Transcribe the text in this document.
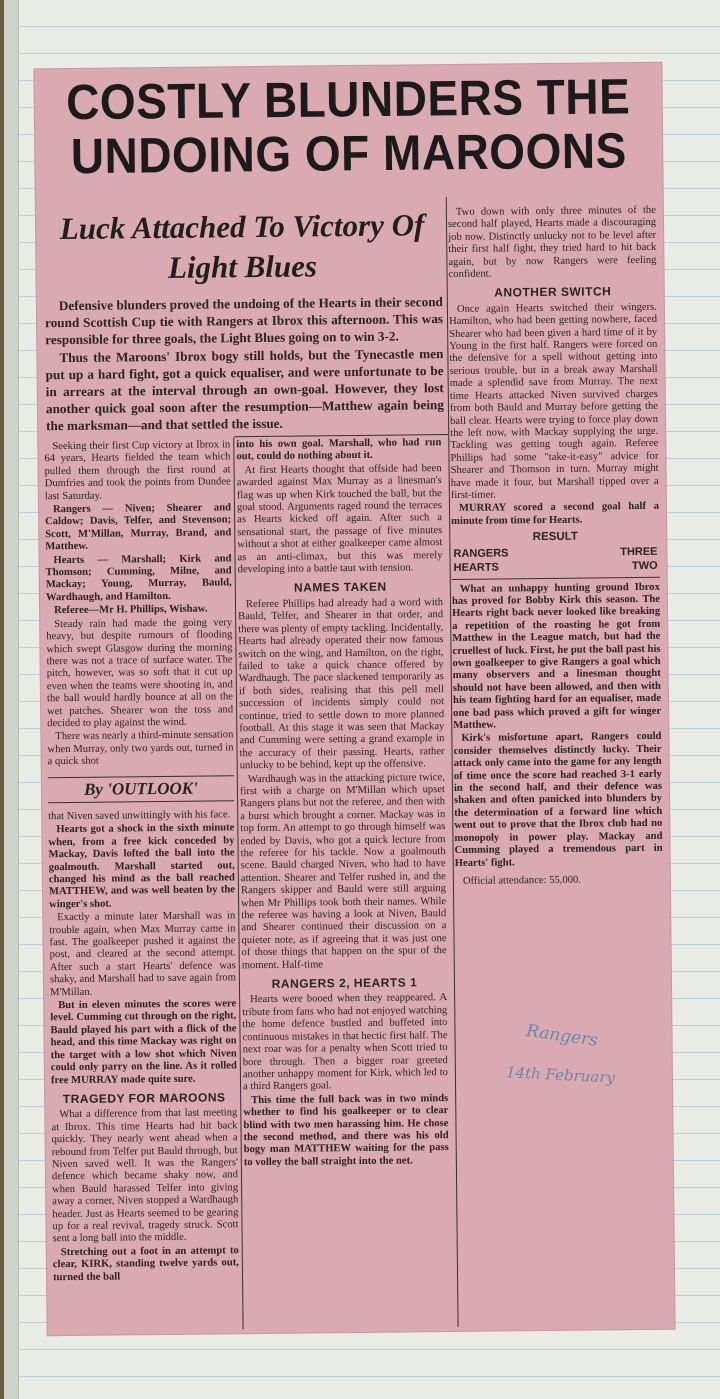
COSTLY BLUNDERS THE UNDOING OF MAROONS
Luck Attached To Victory Of Light Blues

Defensive blunders proved the undoing of the Hearts in their second round Scottish Cup tie with Rangers at Ibrox this afternoon. This was responsible for three goals, the Light Blues going on to win 3-2.

Thus the Maroons' Ibrox bogy still holds, but the Tynecastle men put up a hard fight, got a quick equaliser, and were unfortunate to be in arrears at the interval through an own-goal. However, they lost another quick goal soon after the resumption—Matthew again being the marksman—and that settled the issue.

Seeking their first Cup victory at Ibrox in 64 years, Hearts fielded the team which pulled them through the first round at Dumfries and took the points from Dundee last Saturday.

Rangers — Niven; Shearer and Caldow; Davis, Telfer, and Stevenson; Scott, M'Millan, Murray, Brand, and Matthew.

Hearts — Marshall; Kirk and Thomson; Cumming, Milne, and Mackay; Young, Murray, Bauld, Wardhaugh, and Hamilton.

Referee—Mr H. Phillips, Wishaw.

Steady rain had made the going very heavy, but despite rumours of flooding which swept Glasgow during the morning there was not a trace of surface water. The pitch, however, was so soft that it cut up even when the teams were shooting in, and the ball would hardly bounce at all on the wet patches. Shearer won the toss and decided to play against the wind.

There was nearly a third-minute sensation when Murray, only two yards out, turned in a quick shot

By 'OUTLOOK'

that Niven saved unwittingly with his face.

Hearts got a shock in the sixth minute when, from a free kick conceded by Mackay, Davis lofted the ball into the goalmouth. Marshall started out, changed his mind as the ball reached MATTHEW, and was well beaten by the winger's shot.

Exactly a minute later Marshall was in trouble again, when Max Murray came in fast. The goalkeeper pushed it against the post, and cleared at the second attempt. After such a start Hearts' defence was shaky, and Marshall had to save again from M'Millan.

But in eleven minutes the scores were level. Cumming cut through on the right, Bauld played his part with a flick of the head, and this time Mackay was right on the target with a low shot which Niven could only parry on the line. As it rolled free MURRAY made quite sure.

TRAGEDY FOR MAROONS

What a difference from that last meeting at Ibrox. This time Hearts had hit back quickly. They nearly went ahead when a rebound from Telfer put Bauld through, but Niven saved well. It was the Rangers' defence which became shaky now, and when Bauld harassed Telfer into giving away a corner, Niven stopped a Wardhaugh header. Just as Hearts seemed to be gearing up for a real revival, tragedy struck. Scott sent a long ball into the middle.

Stretching out a foot in an attempt to clear, KIRK, standing twelve yards out, turned the ball

into his own goal. Marshall, who had run out, could do nothing about it.

At first Hearts thought that offside had been awarded against Max Murray as a linesman's flag was up when Kirk touched the ball, but the goal stood. Arguments raged round the terraces as Hearts kicked off again. After such a sensational start, the passage of five minutes without a shot at either goalkeeper came almost as an anti-climax, but this was merely developing into a battle taut with tension.

NAMES TAKEN

Referee Phillips had already had a word with Bauld, Telfer, and Shearer in that order, and there was plenty of empty tackling. Incidentally, Hearts had already operated their now famous switch on the wing, and Hamilton, on the right, failed to take a quick chance offered by Wardhaugh. The pace slackened temporarily as if both sides, realising that this pell mell succession of incidents simply could not continue, tried to settle down to more planned football. At this stage it was seen that Mackay and Cumming were setting a grand example in the accuracy of their passing. Hearts, rather unlucky to be behind, kept up the offensive.

Wardhaugh was in the attacking picture twice, first with a charge on M'Millan which upset Rangers plans but not the referee, and then with a burst which brought a corner. Mackay was in top form. An attempt to go through himself was ended by Davis, who got a quick lecture from the referee for his tackle. Now a goalmouth scene. Bauld charged Niven, who had to have attention. Shearer and Telfer rushed in, and the Rangers skipper and Bauld were still arguing when Mr Phillips took both their names. While the referee was having a look at Niven, Bauld and Shearer continued their discussion on a quieter note, as if agreeing that it was just one of those things that happen on the spur of the moment. Half-time

RANGERS 2, HEARTS 1

Hearts were booed when they reappeared. A tribute from fans who had not enjoyed watching the home defence bustled and buffeted into continuous mistakes in that hectic first half. The next roar was for a penalty when Scott tried to bore through. Then a bigger roar greeted another unhappy moment for Kirk, which led to a third Rangers goal.

This time the full back was in two minds whether to find his goalkeeper or to clear blind with two men harassing him. He chose the second method, and there was his old bogy man MATTHEW waiting for the pass to volley the ball straight into the net.

Two down with only three minutes of the second half played, Hearts made a discouraging job now. Distinctly unlucky not to be level after their first half fight, they tried hard to hit back again, but by now Rangers were feeling confident.

ANOTHER SWITCH

Once again Hearts switched their wingers. Hamilton, who had been getting nowhere, faced Shearer who had been given a hard time of it by Young in the first half. Rangers were forced on the defensive for a spell without getting into serious trouble, but in a break away Marshall made a splendid save from Murray. The next time Hearts attacked Niven survived charges from both Bauld and Murray before getting the ball clear. Hearts were trying to force play down the left now, with Mackay supplying the urge. Tackling was getting tough again. Referee Phillips had some "take-it-easy" advice for Shearer and Thomson in turn. Murray might have made it four, but Marshall tipped over a first-timer.

MURRAY scored a second goal half a minute from time for Hearts.

RESULT
RANGERS	THREE
HEARTS	TWO

What an unhappy hunting ground Ibrox has proved for Bobby Kirk this season. The Hearts right back never looked like breaking a repetition of the roasting he got from Matthew in the League match, but had the cruellest of luck. First, he put the ball past his own goalkeeper to give Rangers a goal which many observers and a linesman thought should not have been allowed, and then with his team fighting hard for an equaliser, made one bad pass which proved a gift for winger Matthew.

Kirk's misfortune apart, Rangers could consider themselves distinctly lucky. Their attack only came into the game for any length of time once the score had reached 3-1 early in the second half, and their defence was shaken and often panicked into blunders by the determination of a forward line which went out to prove that the Ibrox club had no monopoly in power play. Mackay and Cumming played a tremendous part in Hearts' fight.

Official attendance: 55,000.
Rangers
14th February
